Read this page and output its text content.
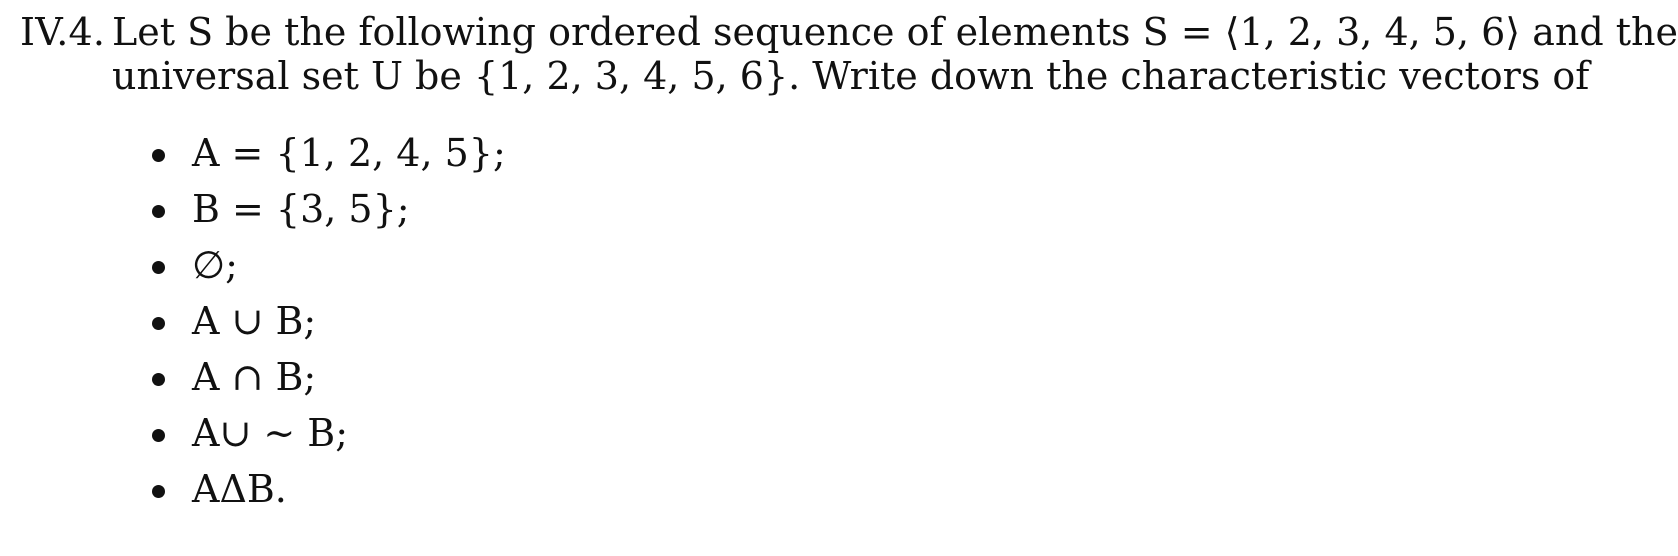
IV.4. Let S be the following ordered sequence of elements S = ⟨1, 2, 3, 4, 5, 6⟩ and the
universal set U be {1, 2, 3, 4, 5, 6}. Write down the characteristic vectors of
A = {1, 2, 4, 5};
B = {3, 5};
∅;
A ∪ B;
A ∩ B;
A∪ ∼ B;
AΔB.
